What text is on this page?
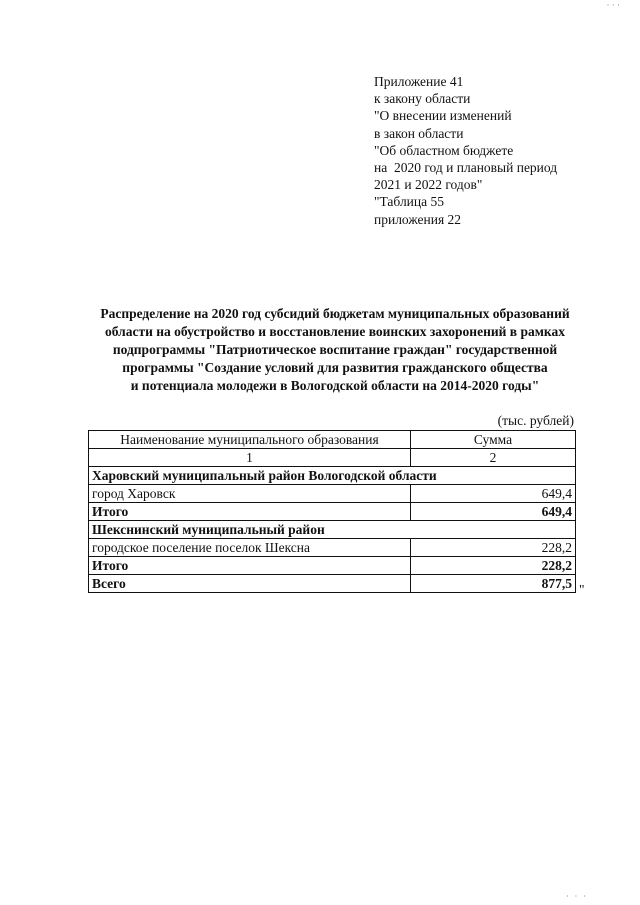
· · ·
Приложение 41
к закону области
"О внесении изменений
в закон области
"Об областном бюджете
на  2020 год и плановый период
2021 и 2022 годов"
"Таблица 55
приложения 22
Распределение на 2020 год субсидий бюджетам муниципальных образований
области на обустройство и восстановление воинских захоронений в рамках
подпрограммы "Патриотическое воспитание граждан" государственной
программы "Создание условий для развития гражданского общества
и потенциала молодежи в Вологодской области на 2014-2020 годы"
(тыс. рублей)
Наименование муниципального образования	Сумма
1	2
Харовский муниципальный район Вологодской области	
город Харовск	649,4
Итого	649,4
Шекснинский муниципальный район	
городское поселение поселок Шексна	228,2
Итого	228,2
Всего	877,5 "
· · ·
